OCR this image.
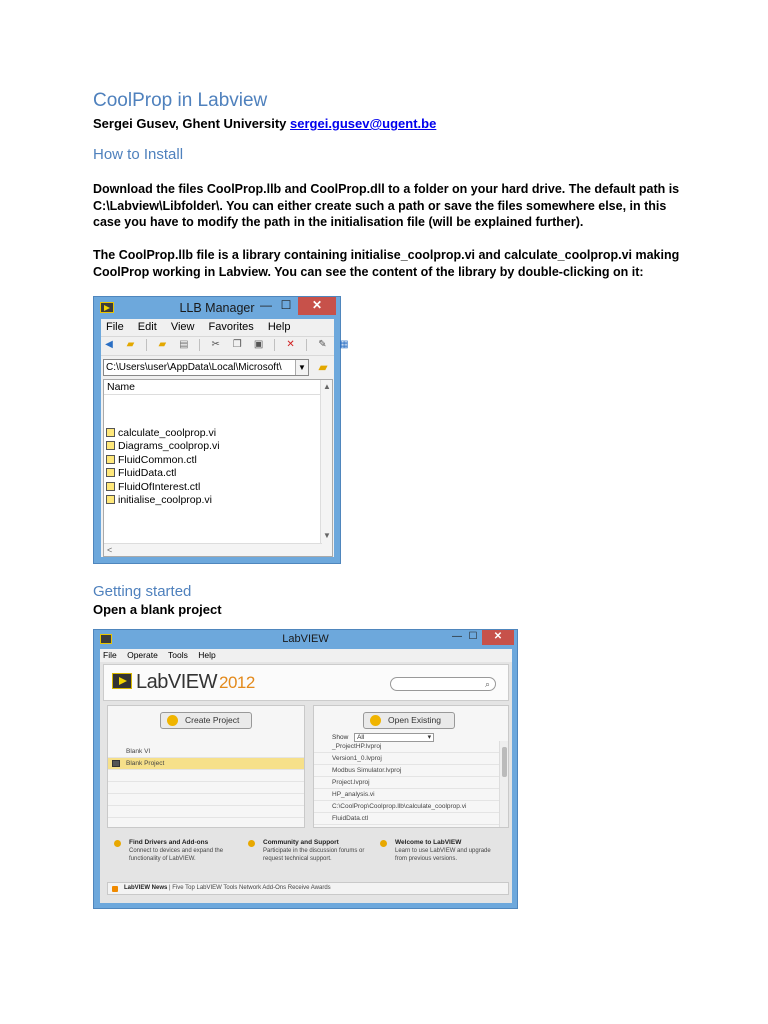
CoolProp in Labview
Sergei Gusev, Ghent University sergei.gusev@ugent.be
How to Install
Download the files CoolProp.llb and CoolProp.dll to a folder on your hard drive. The default path is C:\Labview\Libfolder\. You can either create such a path or save the files somewhere else, in this case you have to modify the path in the initialisation file (will be explained further).
The CoolProp.llb file is a library containing initialise_coolprop.vi and calculate_coolprop.vi making CoolProp working in Labview. You can see the content of the library by double-clicking on it:
LLB Manager — ☐	✕
File Edit View Favorites Help
◀ ▰ ▰ ▤ ✂ ❐ ▣ ✕ ✎ ▦
C:\Users\user\AppData\Local\Microsoft\	▼	▰
Name
calculate_coolprop.vi
Diagrams_coolprop.vi
FluidCommon.ctl
FluidData.ctl
FluidOfInterest.ctl
initialise_coolprop.vi
▲
▼
<
Getting started
Open a blank project
LabVIEW	— ☐	✕
File Operate Tools Help
LabVIEW 2012	⌕
Create Project
Blank VI
Blank Project
Open Existing
Show All ▾
_ProjectHP.lvproj
Version1_0.lvproj
Modbus Simulator.lvproj
Project.lvproj
HP_analysis.vi
C:\CoolProp\Coolprop.llb\calculate_coolprop.vi
FluidData.ctl
Find Drivers and Add-ons
Connect to devices and expand the functionality of LabVIEW.
Community and Support
Participate in the discussion forums or request technical support.
Welcome to LabVIEW
Learn to use LabVIEW and upgrade from previous versions.
LabVIEW News | Five Top LabVIEW Tools Network Add-Ons Receive Awards
